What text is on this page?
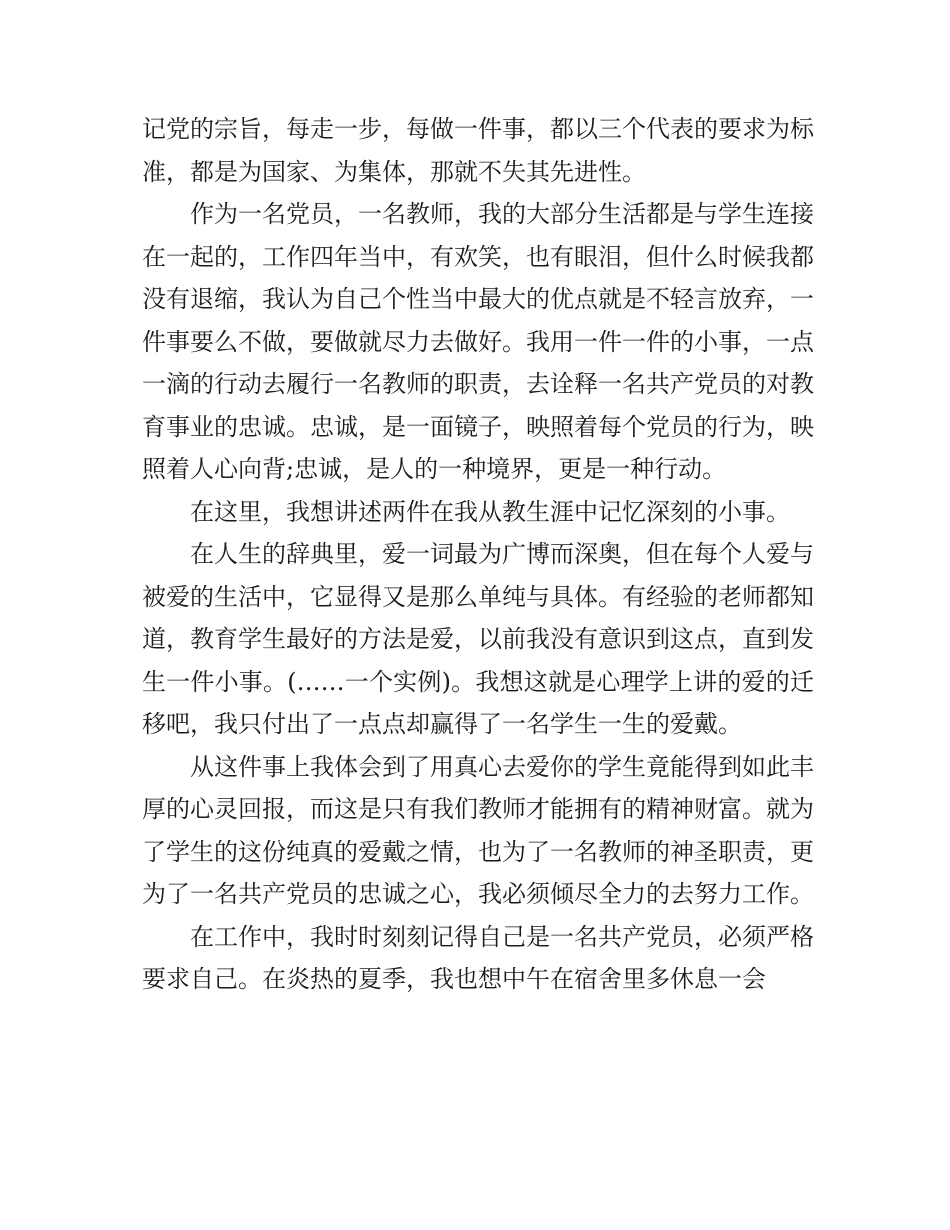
记党的宗旨，每走一步，每做一件事，都以三个代表的要求为标准，都是为国家、为集体，那就不失其先进性。

作为一名党员，一名教师，我的大部分生活都是与学生连接在一起的，工作四年当中，有欢笑，也有眼泪，但什么时候我都没有退缩，我认为自己个性当中最大的优点就是不轻言放弃，一件事要么不做，要做就尽力去做好。我用一件一件的小事，一点一滴的行动去履行一名教师的职责，去诠释一名共产党员的对教育事业的忠诚。忠诚，是一面镜子，映照着每个党员的行为，映照着人心向背;忠诚，是人的一种境界，更是一种行动。

在这里，我想讲述两件在我从教生涯中记忆深刻的小事。

在人生的辞典里，爱一词最为广博而深奥，但在每个人爱与被爱的生活中，它显得又是那么单纯与具体。有经验的老师都知道，教育学生最好的方法是爱，以前我没有意识到这点，直到发生一件小事。(……一个实例)。我想这就是心理学上讲的爱的迁移吧，我只付出了一点点却赢得了一名学生一生的爱戴。

从这件事上我体会到了用真心去爱你的学生竟能得到如此丰厚的心灵回报，而这是只有我们教师才能拥有的精神财富。就为了学生的这份纯真的爱戴之情，也为了一名教师的神圣职责，更为了一名共产党员的忠诚之心，我必须倾尽全力的去努力工作。

在工作中，我时时刻刻记得自己是一名共产党员，必须严格要求自己。在炎热的夏季，我也想中午在宿舍里多休息一会
